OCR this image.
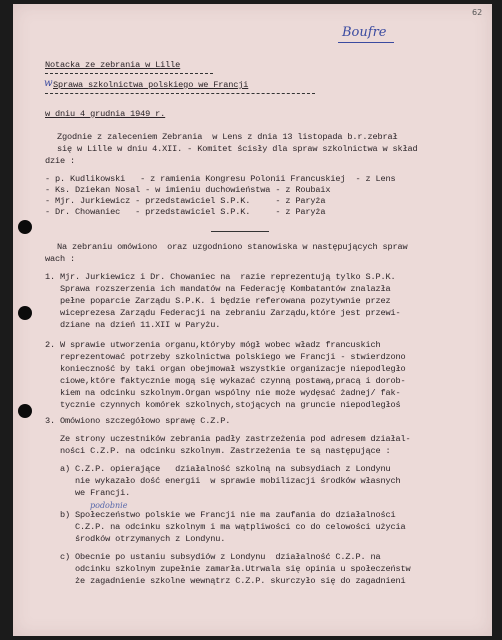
62
Boufre
Notacka ze zebrania w Lille
w Sprawa szkolnictwa polskiego we Francji
w dniu 4 grudnia 1949 r.
Zgodnie z zaleceniem Zebrania  w Lens z dnia 13 listopada b.r.zebrał
się w Lille w dniu 4.XII. - Komitet ścisły dla spraw szkolnictwa w skład
dzie :
- p. Kudlikowski   - z ramienia Kongresu Polonii Francuskiej  - z Lens
- Ks. Dziekan Nosal - w imieniu duchowieństwa - z Roubaix
- Mjr. Jurkiewicz - przedstawiciel S.P.K.     - z Paryża
- Dr. Chowaniec   - przedstawiciel S.P.K.     - z Paryża
Na zebraniu omówiono  oraz uzgodniono stanowiska w następujących spraw
wach :
1. Mjr. Jurkiewicz i Dr. Chowaniec na  razie reprezentują tylko S.P.K.
Sprawa rozszerzenia ich mandatów na Federację Kombatantów znalazła
pełne poparcie Zarządu S.P.K. i będzie referowana pozytywnie przez
wiceprezesa Zarządu Federacji na zebraniu Zarządu,które jest przewi-
dziane na dzień 11.XII w Paryżu.
2. W sprawie utworzenia organu,któryby mógł wobec władz francuskich
reprezentować potrzeby szkolnictwa polskiego we Francji - stwierdzono
konieczność by taki organ obejmował wszystkie organizacje niepodległo
ciowe,które faktycznie mogą się wykazać czynną postawą,pracą i dorob-
kiem na odcinku szkolnym.Organ wspólny nie może wydęsać żadnej/ fak-
tycznie czynnych komórek szkolnych,stojących na gruncie niepodległoś
3. Omówiono szczegółowo sprawę C.Z.P.
Ze strony uczestników zebrania padły zastrzeżenia pod adresem działal-
ności C.Z.P. na odcinku szkolnym. Zastrzeżenia te są następujące :
a) C.Z.P. opierające   działalność szkolną na subsydiach z Londynu
nie wykazało dość energii  w sprawie mobilizacji środków własnych
we Francji.
podobnie
b) Społeczeństwo polskie we Francji nie ma zaufania do działalności
C.Z.P. na odcinku szkolnym i ma wątpliwości co do celowości użycia
środków otrzymanych z Londynu.
c) Obecnie po ustaniu subsydiów z Londynu  działalność C.Z.P. na
odcinku szkolnym zupełnie zamarła.Utrwala się opinia u społeczeństw
że zagadnienie szkolne wewnątrz C.Z.P. skurczyło się do zagadnieni
